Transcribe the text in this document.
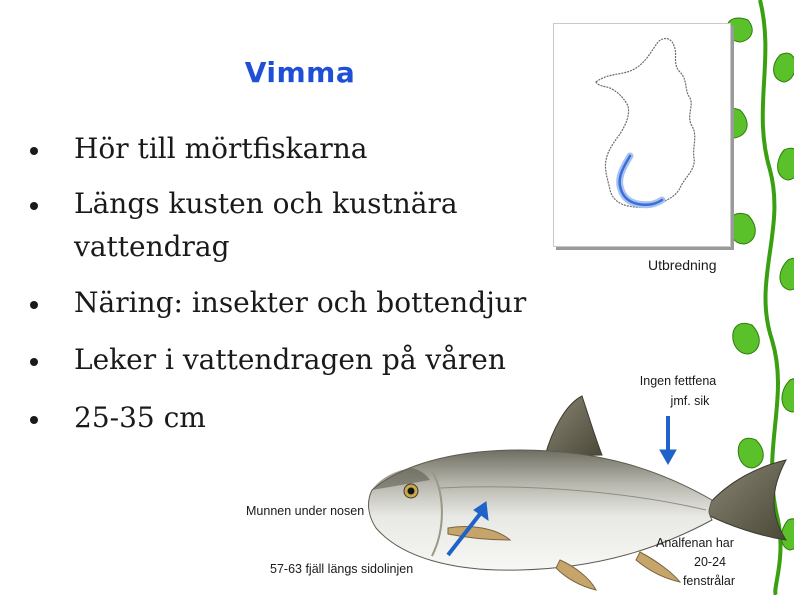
Vimma
Hör till mörtfiskarna
Längs kusten och kustnära
vattendrag
Näring: insekter och bottendjur
Leker i vattendragen på våren
25-35 cm
Utbredning
Ingen fettfena
jmf. sik
Munnen under nosen
57-63 fjäll längs sidolinjen
Analfenan har
20-24
fenstrålar
